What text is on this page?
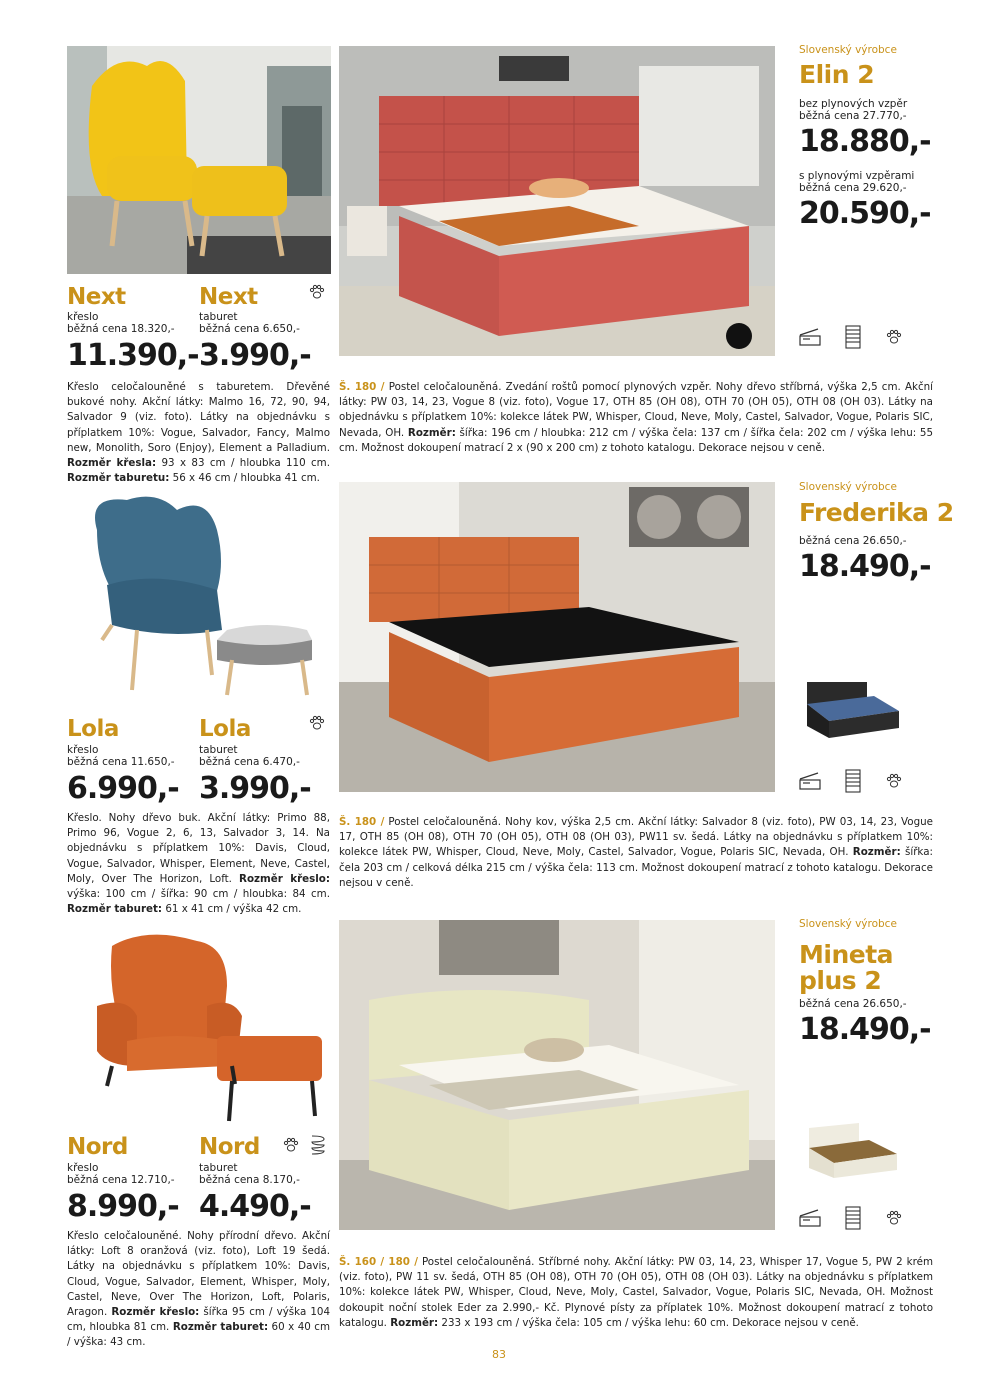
Next
křeslo
běžná cena 18.320,-
11.390,-
Next
taburet
běžná cena 6.650,-
3.990,-
Křeslo celočalouněné s taburetem. Dřevěné bukové nohy. Akční látky: Malmo 16, 72, 90, 94, Salvador 9 (viz. foto). Látky na objednávku s příplatkem 10%: Vogue, Salvador, Fancy, Malmo new, Monolith, Soro (Enjoy), Element a Palladium. Rozměr křesla: 93 x 83 cm / hloubka 110 cm. Rozměr taburetu: 56 x 46 cm / hloubka 41 cm.
Slovenský výrobce
Elin 2
bez plynových vzpěr
běžná cena 27.770,-
18.880,-
s plynovými vzpěrami
běžná cena 29.620,-
20.590,-
Š. 180 / Postel celočalouněná. Zvedání roštů pomocí plynových vzpěr. Nohy dřevo stříbrná, výška 2,5 cm. Akční látky: PW 03, 14, 23, Vogue 8 (viz. foto), Vogue 17, OTH 85 (OH 08), OTH 70 (OH 05), OTH 08 (OH 03). Látky na objednávku s příplatkem 10%: kolekce látek PW, Whisper, Cloud, Neve, Moly, Castel, Salvador, Vogue, Polaris SIC, Nevada, OH. Rozměr: šířka: 196 cm / hloubka: 212 cm / výška čela: 137 cm / šířka čela: 202 cm / výška lehu: 55 cm. Možnost dokoupení matrací 2 x (90 x 200 cm) z tohoto katalogu. Dekorace nejsou v ceně.
Lola
křeslo
běžná cena 11.650,-
6.990,-
Lola
taburet
běžná cena 6.470,-
3.990,-
Křeslo. Nohy dřevo buk. Akční látky: Primo 88, Primo 96, Vogue 2, 6, 13, Salvador 3, 14. Na objednávku s příplatkem 10%: Davis, Cloud, Vogue, Salvador, Whisper, Element, Neve, Castel, Moly, Over The Horizon, Loft. Rozměr křeslo: výška: 100 cm / šířka: 90 cm / hloubka: 84 cm. Rozměr taburet: 61 x 41 cm / výška 42 cm.
Slovenský výrobce
Frederika 2
běžná cena 26.650,-
18.490,-
Š. 180 / Postel celočalouněná. Nohy kov, výška 2,5 cm. Akční látky: Salvador 8 (viz. foto), PW 03, 14, 23, Vogue 17, OTH 85 (OH 08), OTH 70 (OH 05), OTH 08 (OH 03), PW11 sv. šedá. Látky na objednávku s příplatkem 10%: kolekce látek PW, Whisper, Cloud, Neve, Moly, Castel, Salvador, Vogue, Polaris SIC, Nevada, OH. Rozměr: šířka: čela 203 cm / celková délka 215 cm / výška čela: 113 cm. Možnost dokoupení matrací z tohoto katalogu. Dekorace nejsou v ceně.
Nord
křeslo
běžná cena 12.710,-
8.990,-
Nord
taburet
běžná cena 8.170,-
4.490,-
Křeslo celočalouněné. Nohy přírodní dřevo. Akční látky: Loft 8 oranžová (viz. foto), Loft 19 šedá. Látky na objednávku s příplatkem 10%: Davis, Cloud, Vogue, Salvador, Element, Whisper, Moly, Castel, Neve, Over The Horizon, Loft, Polaris, Aragon. Rozměr křeslo: šířka 95 cm / výška 104 cm, hloubka 81 cm. Rozměr taburet: 60 x 40 cm / výška: 43 cm.
Slovenský výrobce
Mineta
plus 2
běžná cena 26.650,-
18.490,-
Š. 160 / 180 / Postel celočalouněná. Stříbrné nohy. Akční látky: PW 03, 14, 23, Whisper 17, Vogue 5, PW 2 krém (viz. foto), PW 11 sv. šedá, OTH 85 (OH 08), OTH 70 (OH 05), OTH 08 (OH 03). Látky na objednávku s příplatkem 10%: kolekce látek PW, Whisper, Cloud, Neve, Moly, Castel, Salvador, Vogue, Polaris SIC, Nevada, OH. Možnost dokoupit noční stolek Eder za 2.990,- Kč. Plynové písty za příplatek 10%. Možnost dokoupení matrací z tohoto katalogu. Rozměr: 233 x 193 cm / výška čela: 105 cm / výška lehu: 60 cm. Dekorace nejsou v ceně.
83
